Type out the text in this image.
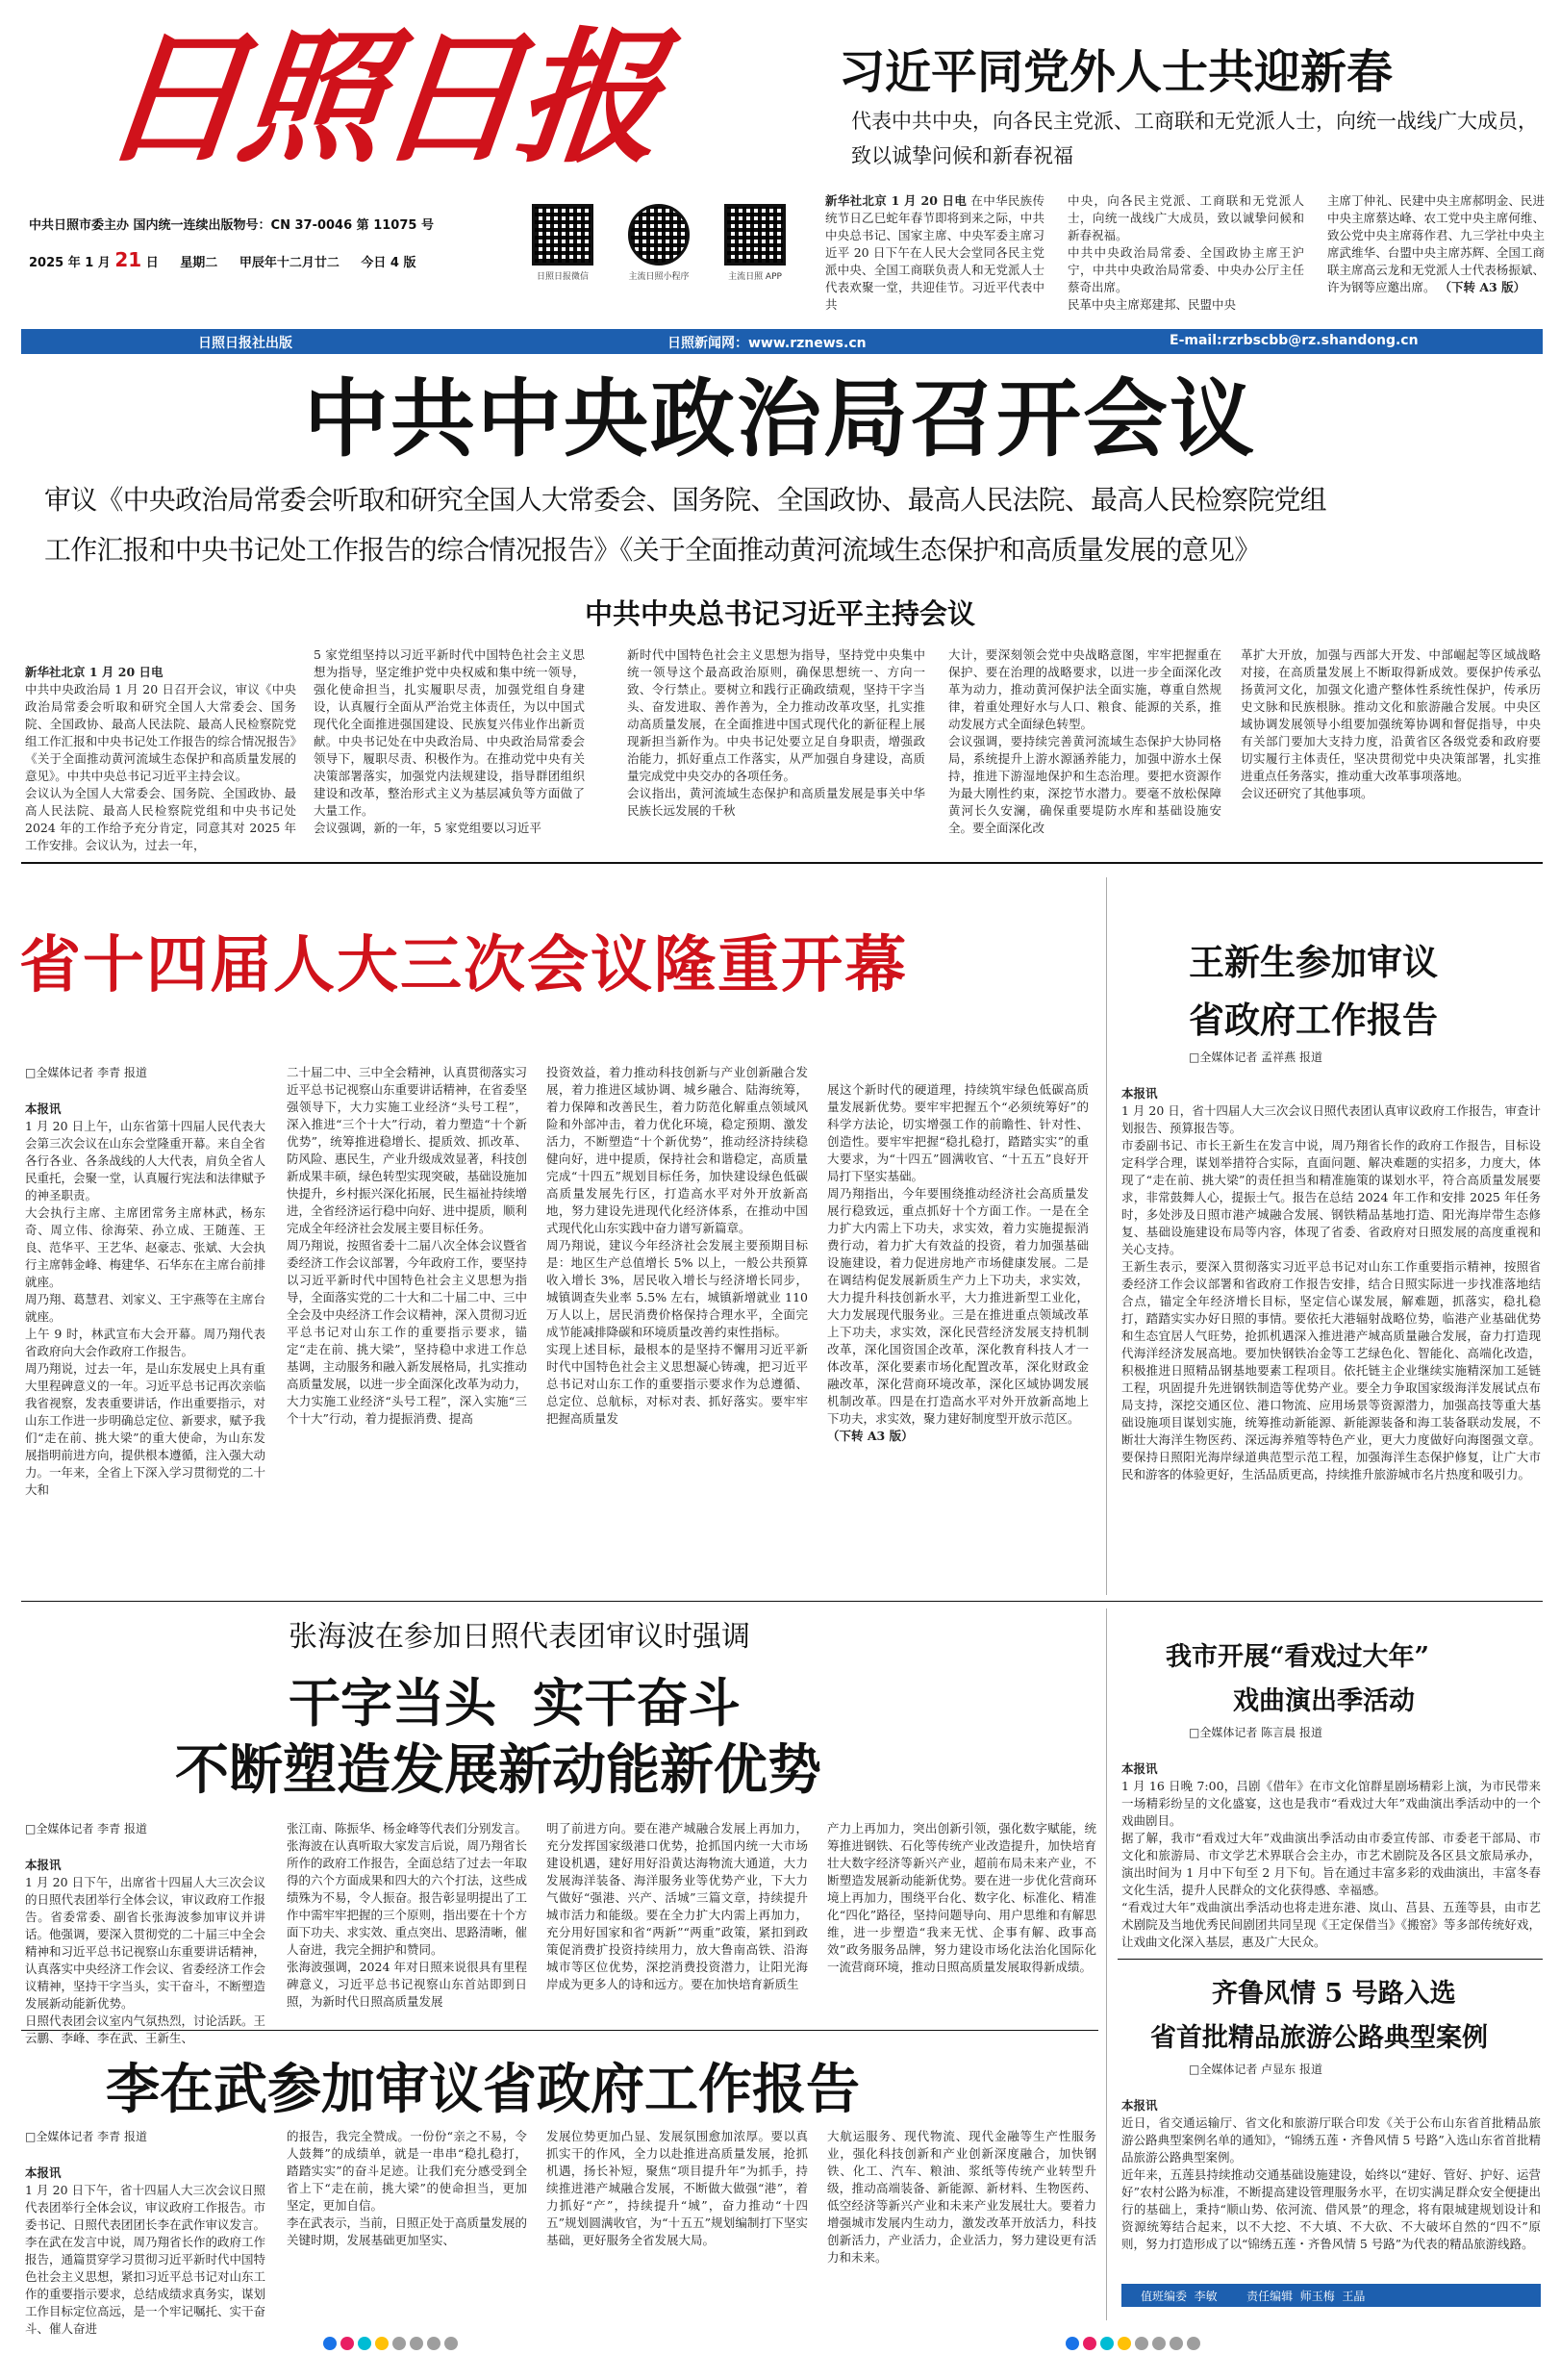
日照日报
中共日照市委主办 国内统一连续出版物号：CN 37-0046 第 11075 号
2025 年 1 月 21 日 星期二 甲辰年十二月廿二 今日 4 版
日照日报微信	主流日照小程序	主流日照 APP
习近平同党外人士共迎新春
代表中共中央，向各民主党派、工商联和无党派人士，向统一战线广大成员，致以诚挚问候和新春祝福
新华社北京 1 月 20 日电 在中华民族传统节日乙巳蛇年春节即将到来之际，中共中央总书记、国家主席、中央军委主席习近平 20 日下午在人民大会堂同各民主党派中央、全国工商联负责人和无党派人士代表欢聚一堂，共迎佳节。习近平代表中共
中央，向各民主党派、工商联和无党派人士，向统一战线广大成员，致以诚挚问候和新春祝福。
中共中央政治局常委、全国政协主席王沪宁，中共中央政治局常委、中央办公厅主任蔡奇出席。
民革中央主席郑建邦、民盟中央
主席丁仲礼、民建中央主席郝明金、民进中央主席蔡达峰、农工党中央主席何维、致公党中央主席蒋作君、九三学社中央主席武维华、台盟中央主席苏辉、全国工商联主席高云龙和无党派人士代表杨振斌、许为钢等应邀出席。 （下转 A3 版）
日照日报社出版	日照新闻网：www.rznews.cn	E-mail:rzrbscbb@rz.shandong.cn
中共中央政治局召开会议
审议《中央政治局常委会听取和研究全国人大常委会、国务院、全国政协、最高人民法院、最高人民检察院党组
工作汇报和中央书记处工作报告的综合情况报告》《关于全面推动黄河流域生态保护和高质量发展的意见》
中共中央总书记习近平主持会议

新华社北京 1 月 20 日电
中共中央政治局 1 月 20 日召开会议，审议《中央政治局常委会听取和研究全国人大常委会、国务院、全国政协、最高人民法院、最高人民检察院党组工作汇报和中央书记处工作报告的综合情况报告》《关于全面推动黄河流域生态保护和高质量发展的意见》。中共中央总书记习近平主持会议。
会议认为全国人大常委会、国务院、全国政协、最高人民法院、最高人民检察院党组和中央书记处 2024 年的工作给予充分肯定，同意其对 2025 年工作安排。会议认为，过去一年，

5 家党组坚持以习近平新时代中国特色社会主义思想为指导，坚定维护党中央权威和集中统一领导，强化使命担当，扎实履职尽责，加强党组自身建设，认真履行全面从严治党主体责任，为以中国式现代化全面推进强国建设、民族复兴伟业作出新贡献。中央书记处在中央政治局、中央政治局常委会领导下，履职尽责、积极作为。在推动党中央有关决策部署落实，加强党内法规建设，指导群团组织建设和改革，整治形式主义为基层减负等方面做了大量工作。
会议强调，新的一年，5 家党组要以习近平
新时代中国特色社会主义思想为指导，坚持党中央集中统一领导这个最高政治原则，确保思想统一、方向一致、令行禁止。要树立和践行正确政绩观，坚持干字当头、奋发进取、善作善为，全力推动改革攻坚，扎实推动高质量发展，在全面推进中国式现代化的新征程上展现新担当新作为。中央书记处要立足自身职责，增强政治能力，抓好重点工作落实，从严加强自身建设，高质量完成党中央交办的各项任务。
会议指出，黄河流域生态保护和高质量发展是事关中华民族长远发展的千秋
大计，要深刻领会党中央战略意图，牢牢把握重在保护、要在治理的战略要求，以进一步全面深化改革为动力，推动黄河保护法全面实施，尊重自然规律，着重处理好水与人口、粮食、能源的关系，推动发展方式全面绿色转型。
会议强调，要持续完善黄河流域生态保护大协同格局，系统提升上游水源涵养能力，加强中游水土保持，推进下游湿地保护和生态治理。要把水资源作为最大刚性约束，深挖节水潜力。要毫不放松保障黄河长久安澜，确保重要堤防水库和基础设施安全。要全面深化改
革扩大开放，加强与西部大开发、中部崛起等区域战略对接，在高质量发展上不断取得新成效。要保护传承弘扬黄河文化，加强文化遗产整体性系统性保护，传承历史文脉和民族根脉。推动文化和旅游融合发展。中央区域协调发展领导小组要加强统筹协调和督促指导，中央有关部门要加大支持力度，沿黄省区各级党委和政府要切实履行主体责任，坚决贯彻党中央决策部署，扎实推进重点任务落实，推动重大改革事项落地。
会议还研究了其他事项。
省十四届人大三次会议隆重开幕
□全媒体记者 李青 报道

本报讯
1 月 20 日上午，山东省第十四届人民代表大会第三次会议在山东会堂隆重开幕。来自全省各行各业、各条战线的人大代表，肩负全省人民重托，会聚一堂，认真履行宪法和法律赋予的神圣职责。
大会执行主席、主席团常务主席林武，杨东奇、周立伟、徐海荣、孙立成、王随莲、王良、范华平、王艺华、赵豪志、张斌、大会执行主席韩金峰、梅建华、石华东在主席台前排就座。
周乃翔、葛慧君、刘家义、王宇燕等在主席台就座。
上午 9 时，林武宣布大会开幕。周乃翔代表省政府向大会作政府工作报告。
周乃翔说，过去一年，是山东发展史上具有重大里程碑意义的一年。习近平总书记再次亲临我省视察，发表重要讲话，作出重要指示，对山东工作进一步明确总定位、新要求，赋予我们“走在前、挑大梁”的重大使命，为山东发展指明前进方向，提供根本遵循，注入强大动力。一年来，全省上下深入学习贯彻党的二十大和

二十届二中、三中全会精神，认真贯彻落实习近平总书记视察山东重要讲话精神，在省委坚强领导下，大力实施工业经济“头号工程”，深入推进“三个十大”行动，着力塑造“十个新优势”，统筹推进稳增长、提质效、抓改革、防风险、惠民生，产业升级成效显著，科技创新成果丰硕，绿色转型实现突破，基础设施加快提升，乡村振兴深化拓展，民生福祉持续增进，全省经济运行稳中向好、进中提质，顺利完成全年经济社会发展主要目标任务。
周乃翔说，按照省委十二届八次全体会议暨省委经济工作会议部署，今年政府工作，要坚持以习近平新时代中国特色社会主义思想为指导，全面落实党的二十大和二十届二中、三中全会及中央经济工作会议精神，深入贯彻习近平总书记对山东工作的重要指示要求，锚定“走在前、挑大梁”，坚持稳中求进工作总基调，主动服务和融入新发展格局，扎实推动高质量发展，以进一步全面深化改革为动力，大力实施工业经济“头号工程”，深入实施“三个十大”行动，着力提振消费、提高
投资效益，着力推动科技创新与产业创新融合发展，着力推进区域协调、城乡融合、陆海统筹，着力保障和改善民生，着力防范化解重点领域风险和外部冲击，着力优化环境，稳定预期、激发活力，不断塑造“十个新优势”，推动经济持续稳健向好，进中提质，保持社会和谐稳定，高质量完成“十四五”规划目标任务，加快建设绿色低碳高质量发展先行区，打造高水平对外开放新高地，努力建设先进现代化经济体系，在推动中国式现代化山东实践中奋力谱写新篇章。
周乃翔说，建议今年经济社会发展主要预期目标是：地区生产总值增长 5% 以上，一般公共预算收入增长 3%，居民收入增长与经济增长同步，城镇调查失业率 5.5% 左右，城镇新增就业 110 万人以上，居民消费价格保持合理水平，全面完成节能减排降碳和环境质量改善约束性指标。
实现上述目标，最根本的是坚持不懈用习近平新时代中国特色社会主义思想凝心铸魂，把习近平总书记对山东工作的重要指示要求作为总遵循、总定位、总航标，对标对表、抓好落实。要牢牢把握高质量发

展这个新时代的硬道理，持续筑牢绿色低碳高质量发展新优势。要牢牢把握五个“必须统筹好”的科学方法论，切实增强工作的前瞻性、针对性、创造性。要牢牢把握“稳扎稳打，踏踏实实”的重大要求，为“十四五”圆满收官、“十五五”良好开局打下坚实基础。
周乃翔指出，今年要围绕推动经济社会高质量发展行稳致远，重点抓好十个方面工作。一是在全力扩大内需上下功夫，求实效，着力实施提振消费行动，着力扩大有效益的投资，着力加强基础设施建设，着力促进房地产市场健康发展。二是在调结构促发展新质生产力上下功夫，求实效，大力提升科技创新水平，大力推进新型工业化，大力发展现代服务业。三是在推进重点领域改革上下功夫，求实效，深化民营经济发展支持机制改革，深化国资国企改革，深化教育科技人才一体改革，深化要素市场化配置改革，深化财政金融改革，深化营商环境改革，深化区域协调发展机制改革。四是在打造高水平对外开放新高地上下功夫，求实效，聚力建好制度型开放示范区。
（下转 A3 版）

王新生参加审议
省政府工作报告
□全媒体记者 孟祥燕 报道

本报讯
1 月 20 日，省十四届人大三次会议日照代表团认真审议政府工作报告，审查计划报告、预算报告等。
市委副书记、市长王新生在发言中说，周乃翔省长作的政府工作报告，目标设定科学合理，谋划举措符合实际，直面问题、解决难题的实招多，力度大，体现了“走在前、挑大梁”的责任担当和精准施策的谋划水平，符合高质量发展要求，非常鼓舞人心，提振士气。报告在总结 2024 年工作和安排 2025 年任务时，多处涉及日照市港产城融合发展、钢铁精品基地打造、阳光海岸带生态修复、基础设施建设布局等内容，体现了省委、省政府对日照发展的高度重视和关心支持。
王新生表示，要深入贯彻落实习近平总书记对山东工作重要指示精神，按照省委经济工作会议部署和省政府工作报告安排，结合日照实际进一步找准落地结合点，锚定全年经济增长目标，坚定信心谋发展，解难题，抓落实，稳扎稳打，踏踏实实办好日照的事情。要依托大港辐射战略位势，临港产业基础优势和生态宜居人气旺势，抢抓机遇深入推进港产城高质量融合发展，奋力打造现代海洋经济发展高地。要加快钢铁冶金等工艺绿色化、智能化、高端化改造，积极推进日照精品钢基地要素工程项目。依托链主企业继续实施精深加工延链工程，巩固提升先进钢铁制造等优势产业。要全力争取国家级海洋发展试点布局支持，深挖交通区位、港口物流、应用场景等资源潜力，加强高技等重大基础设施项目谋划实施，统筹推动新能源、新能源装备和海工装备联动发展，不断壮大海洋生物医药、深远海养殖等特色产业，更大力度做好向海图强文章。要保持日照阳光海岸绿道典范型示范工程，加强海洋生态保护修复，让广大市民和游客的体验更好，生活品质更高，持续推升旅游城市名片热度和吸引力。

张海波在参加日照代表团审议时强调
干字当头  实干奋斗
不断塑造发展新动能新优势
□全媒体记者 李青 报道

本报讯
1 月 20 日下午，出席省十四届人大三次会议的日照代表团举行全体会议，审议政府工作报告。省委常委、副省长张海波参加审议并讲话。他强调，要深入贯彻党的二十届三中全会精神和习近平总书记视察山东重要讲话精神，认真落实中央经济工作会议、省委经济工作会议精神，坚持干字当头，实干奋斗，不断塑造发展新动能新优势。
日照代表团会议室内气氛热烈，讨论活跃。王云鹏、李峰、李在武、王新生、

张江南、陈振华、杨金峰等代表们分别发言。张海波在认真听取大家发言后说，周乃翔省长所作的政府工作报告，全面总结了过去一年取得的六个方面成果和四大的六个打法，这些成绩殊为不易，令人振奋。报告彰显明提出了工作中需牢牢把握的三个原则，指出要在十个方面下功夫、求实效、重点突出、思路清晰，催人奋进，我完全拥护和赞同。
张海波强调，2024 年对日照来说很具有里程碑意义，习近平总书记视察山东首站即到日照，为新时代日照高质量发展
明了前进方向。要在港产城融合发展上再加力，充分发挥国家级港口优势，抢抓国内统一大市场建设机遇，建好用好沿黄达海物流大通道，大力发展海洋装备、海洋服务业等优势产业，下大力气做好“强港、兴产、活城”三篇文章，持续提升城市活力和能级。要在全力扩大内需上再加力，充分用好国家和省“两新”“两重”政策，紧扣到政策促消费扩投资持续用力，放大鲁南高铁、沿海城市等区位优势，深挖消费投资潜力，让阳光海岸成为更多人的诗和远方。要在加快培育新质生
产力上再加力，突出创新引领，强化数字赋能，统筹推进钢铁、石化等传统产业改造提升，加快培育壮大数字经济等新兴产业，超前布局未来产业，不断塑造发展新动能新优势。要在进一步优化营商环境上再加力，围绕平台化、数字化、标准化、精准化“四化”路径，坚持问题导向、用户思维和有解思维，进一步塑造“我来无忧、企事有解、政事高效”政务服务品牌，努力建设市场化法治化国际化一流营商环境，推动日照高质量发展取得新成绩。
我市开展“看戏过大年”
戏曲演出季活动
□全媒体记者 陈言晨 报道

本报讯
1 月 16 日晚 7:00，吕剧《借年》在市文化馆群星剧场精彩上演，为市民带来一场精彩纷呈的文化盛宴，这也是我市“看戏过大年”戏曲演出季活动中的一个戏曲剧目。
据了解，我市“看戏过大年”戏曲演出季活动由市委宣传部、市委老干部局、市文化和旅游局、市文学艺术界联合会主办，市艺术剧院及各区县文旅局承办，演出时间为 1 月中下旬至 2 月下旬。旨在通过丰富多彩的戏曲演出，丰富冬春文化生活，提升人民群众的文化获得感、幸福感。
“看戏过大年”戏曲演出季活动也将走进东港、岚山、莒县、五莲等县，由市艺术剧院及当地优秀民间剧团共同呈现《王定保借当》《搬窑》等多部传统好戏，让戏曲文化深入基层，惠及广大民众。

齐鲁风情 5 号路入选
省首批精品旅游公路典型案例
□全媒体记者 卢显东 报道

本报讯
近日，省交通运输厅、省文化和旅游厅联合印发《关于公布山东省首批精品旅游公路典型案例名单的通知》，“锦绣五莲・齐鲁风情 5 号路”入选山东省首批精品旅游公路典型案例。
近年来，五莲县持续推动交通基础设施建设，始终以“建好、管好、护好、运营好”农村公路为标准，不断提高建设管理服务水平，在切实满足群众安全便捷出行的基础上，秉持“顺山势、依河流、借风景”的理念，将有限城建规划设计和资源统筹结合起来，以不大挖、不大填、不大砍、不大破坏自然的“四不”原则，努力打造形成了以“锦绣五莲・齐鲁风情 5 号路”为代表的精品旅游线路。

值班编委  李敏        责任编辑  师玉梅  王晶
李在武参加审议省政府工作报告
□全媒体记者 李青 报道

本报讯
1 月 20 日下午，省十四届人大三次会议日照代表团举行全体会议，审议政府工作报告。市委书记、日照代表团团长李在武作审议发言。
李在武在发言中说，周乃翔省长作的政府工作报告，通篇贯穿学习贯彻习近平新时代中国特色社会主义思想，紧扣习近平总书记对山东工作的重要指示要求，总结成绩求真务实，谋划工作目标定位高远，是一个牢记嘱托、实干奋斗、催人奋进

的报告，我完全赞成。一份份“亲之不易，令人鼓舞”的成绩单，就是一串串“稳扎稳打，踏踏实实”的奋斗足迹。让我们充分感受到全省上下“走在前，挑大梁”的使命担当，更加坚定，更加自信。
李在武表示，当前，日照正处于高质量发展的关键时期，发展基础更加坚实、
发展位势更加凸显、发展氛围愈加浓厚。要以真抓实干的作风，全力以赴推进高质量发展，抢抓机遇，扬长补短，聚焦“项目提升年”为抓手，持续推进港产城融合发展，不断做大做强“港”，着力抓好“产”，持续提升“城”，奋力推动“十四五”规划圆满收官，为“十五五”规划编制打下坚实基础，更好服务全省发展大局。
大航运服务、现代物流、现代金融等生产性服务业，强化科技创新和产业创新深度融合，加快钢铁、化工、汽车、粮油、浆纸等传统产业转型升级，推动高端装备、新能源、新材料、生物医药、低空经济等新兴产业和未来产业发展壮大。要着力增强城市发展内生动力，激发改革开放活力，科技创新活力，产业活力，企业活力，努力建设更有活力和未来。
